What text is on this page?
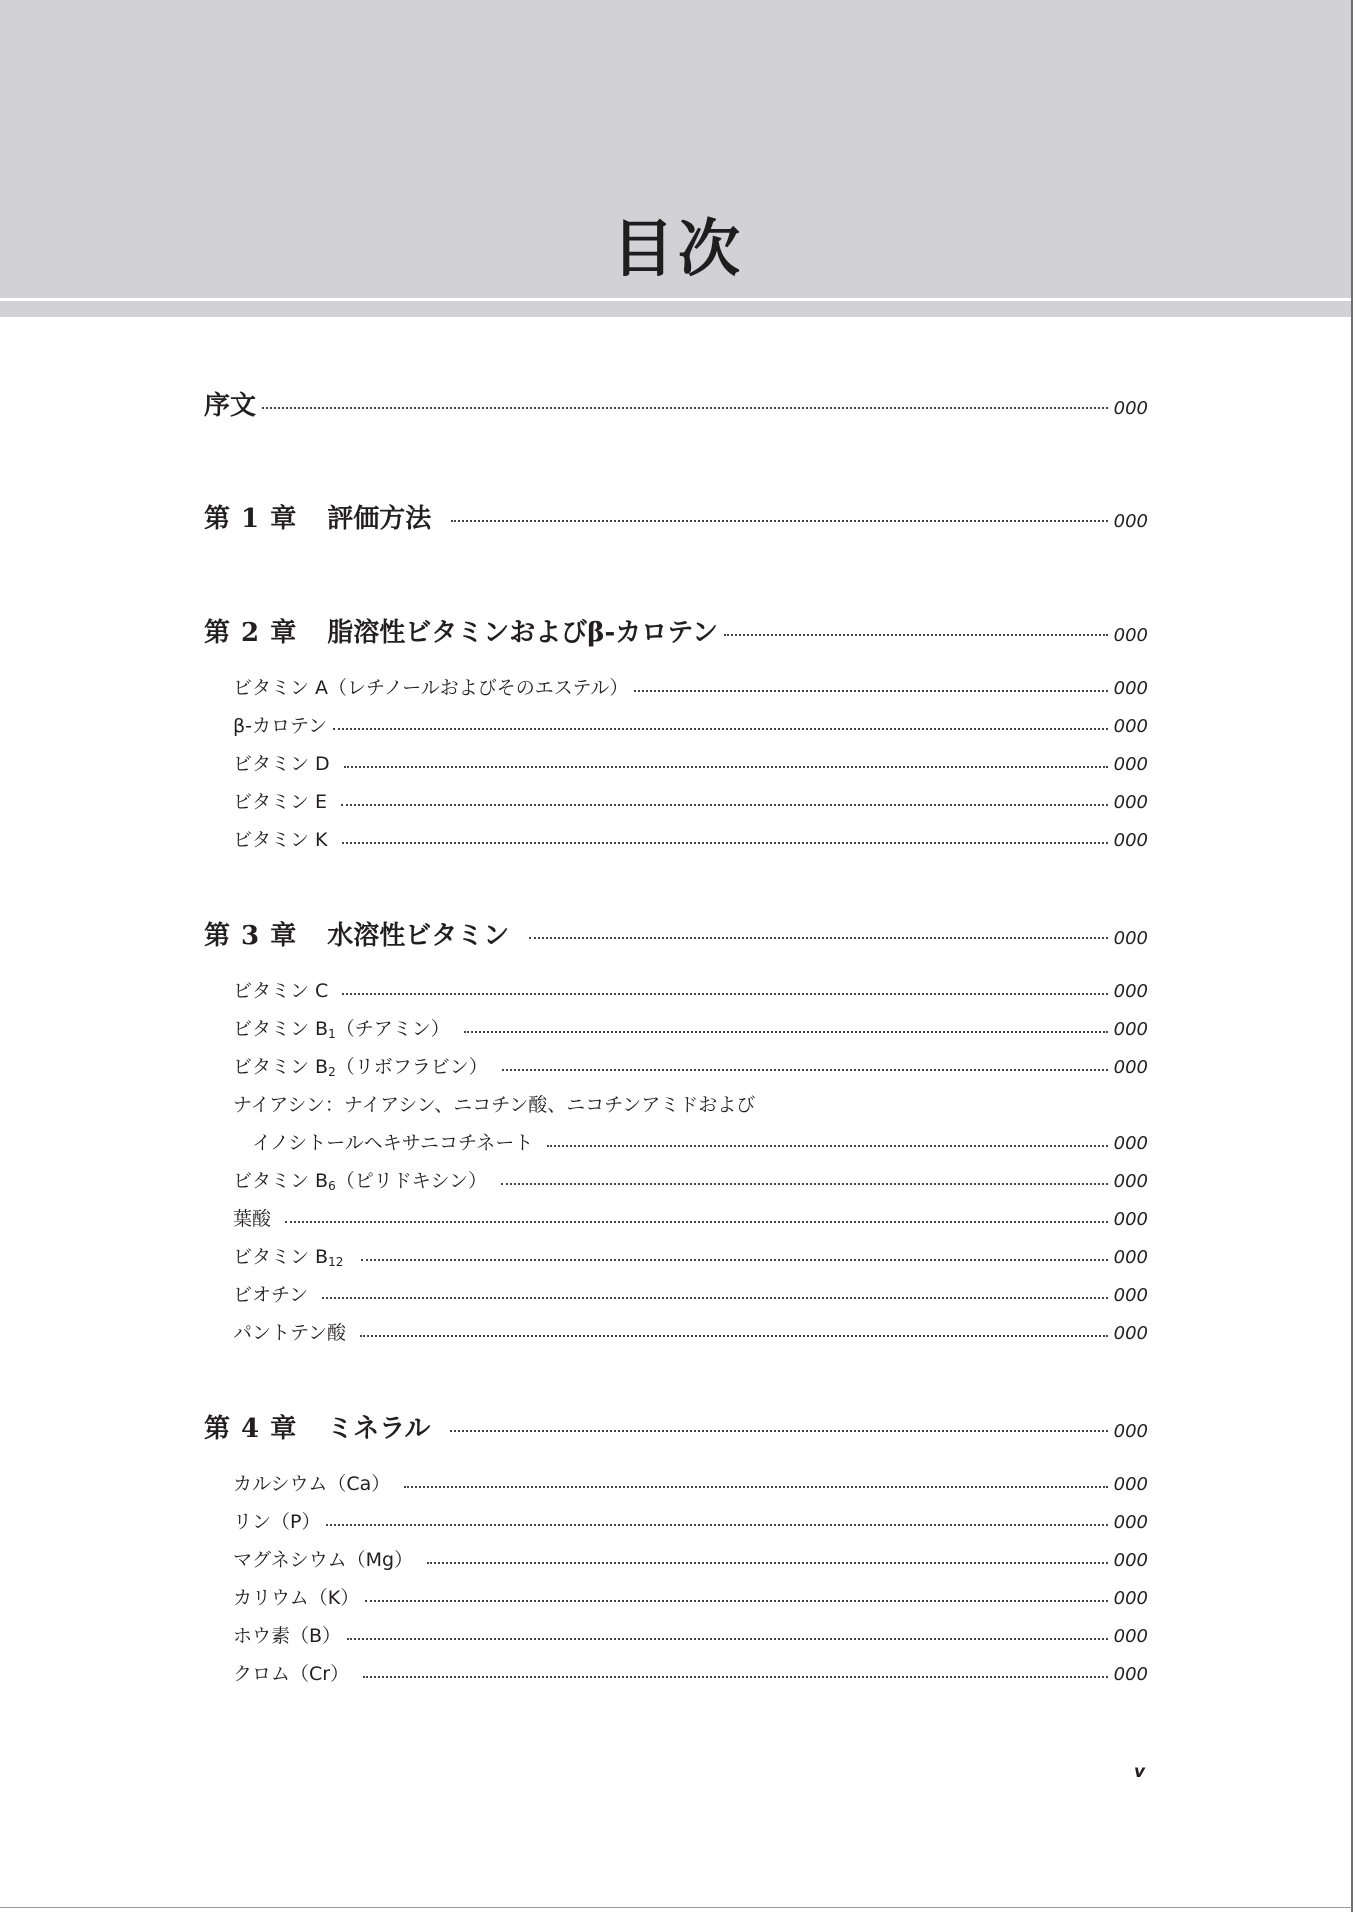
目次
序文	000
第 1 章 評価方法	000
第 2 章 脂溶性ビタミンおよびβ-カロテン	000
ビタミン A（レチノールおよびそのエステル）	000
β-カロテン	000
ビタミン D	000
ビタミン E	000
ビタミン K	000
第 3 章 水溶性ビタミン	000
ビタミン C	000
ビタミン $B_1$（チアミン）	000
ビタミン $B_2$（リボフラビン）	000
ナイアシン：ナイアシン、ニコチン酸、ニコチンアミドおよび
イノシトールヘキサニコチネート	000
ビタミン $B_6$（ピリドキシン）	000
葉酸	000
ビタミン $B_{12}$	000
ビオチン	000
パントテン酸	000
第 4 章 ミネラル	000
カルシウム（Ca）	000
リン（P）	000
マグネシウム（Mg）	000
カリウム（K）	000
ホウ素（B）	000
クロム（Cr）	000
v
